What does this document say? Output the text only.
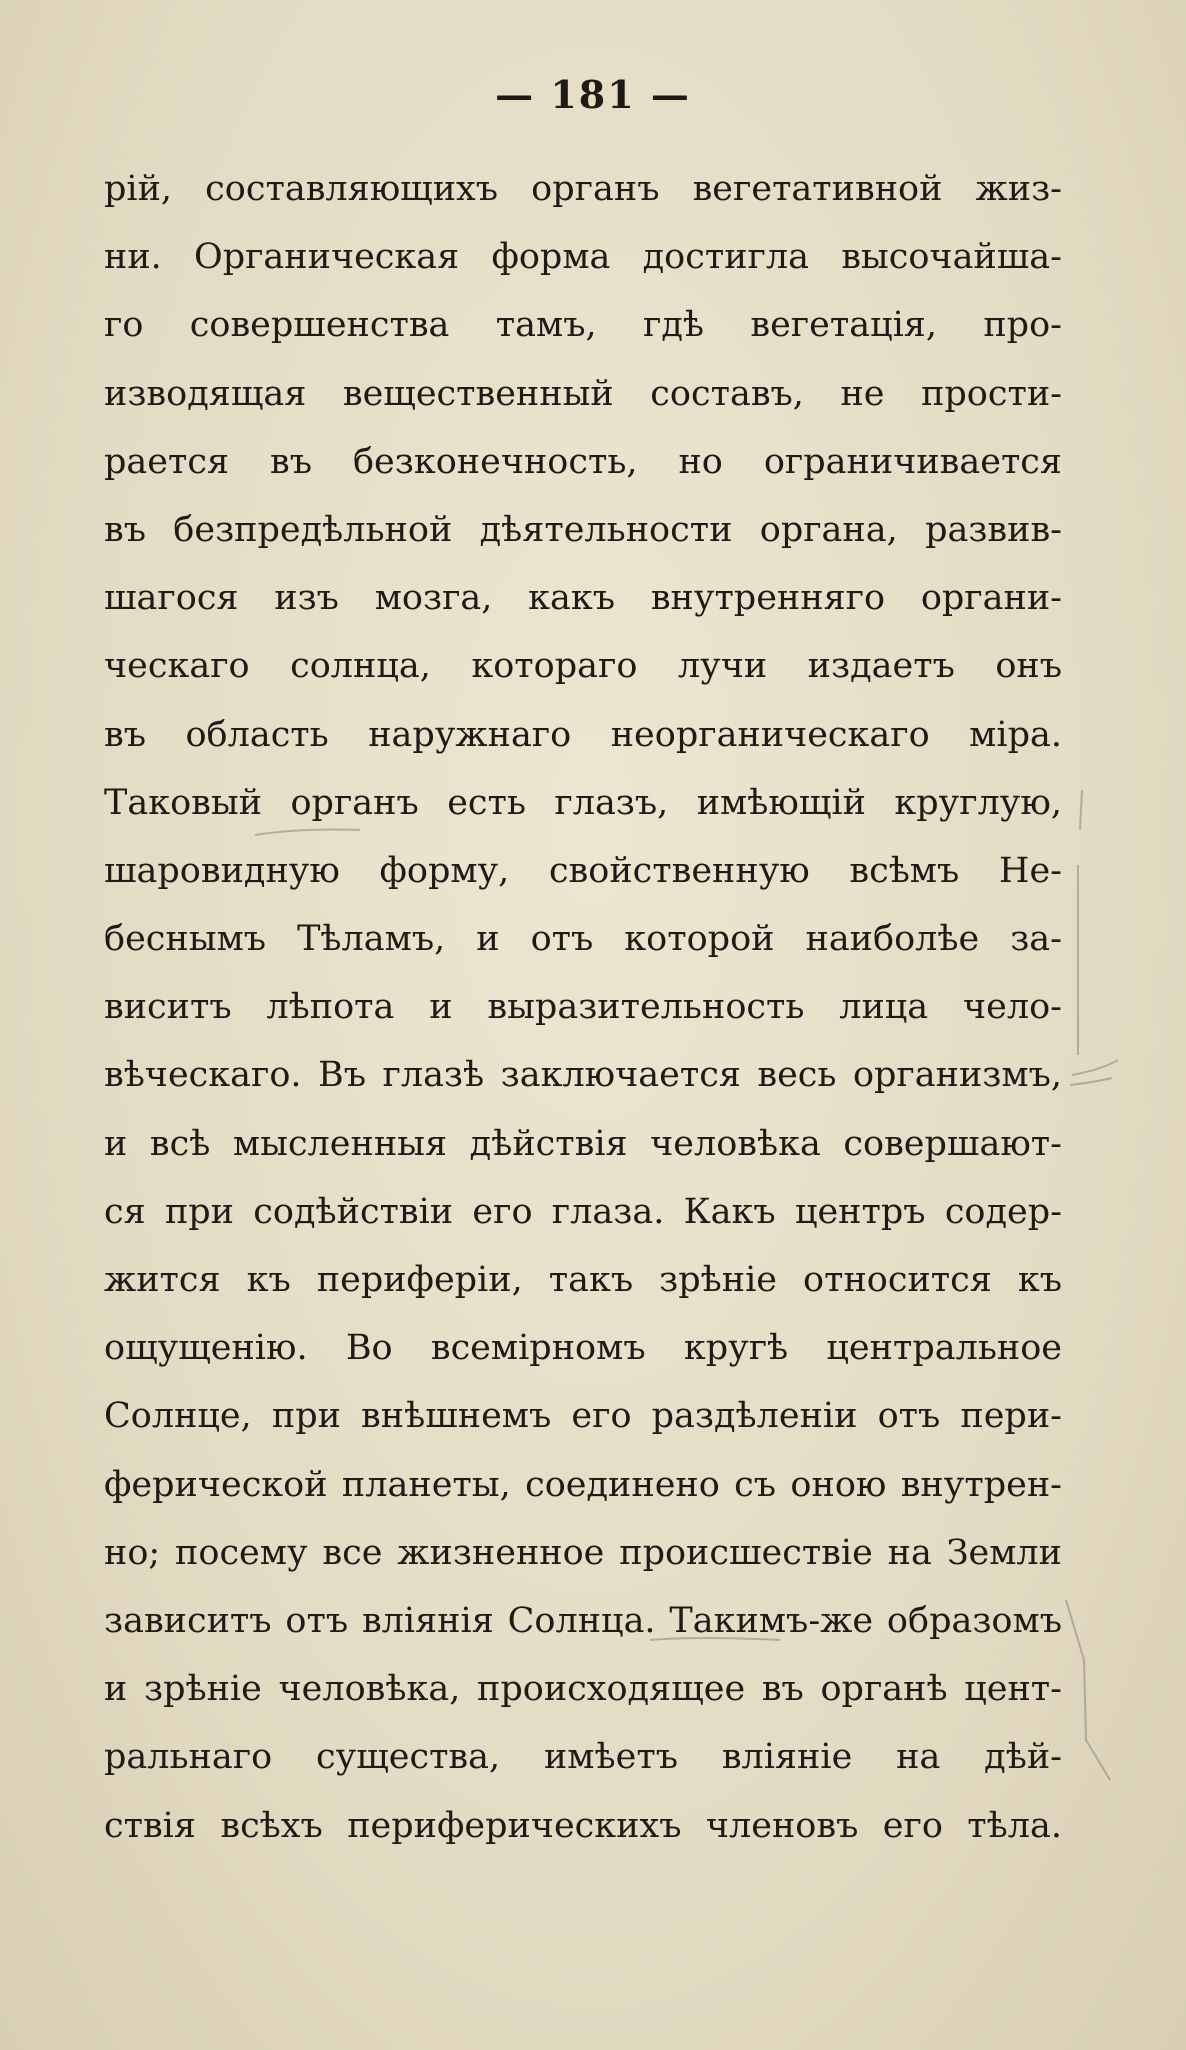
— 181 —
рій, составляющихъ органъ вегетативной жиз-
ни. Органическая форма достигла высочайша-
го совершенства тамъ, гдѣ вегетація, про-
изводящая вещественный составъ, не прости-
рается въ безконечность, но ограничивается
въ безпредѣльной дѣятельности органа, развив-
шагося изъ мозга, какъ внутренняго органи-
ческаго солнца, котораго лучи издаетъ онъ
въ область наружнаго неорганическаго міра.
Таковый органъ есть глазъ, имѣющій круглую,
шаровидную форму, свойственную всѣмъ Не-
беснымъ Тѣламъ, и отъ которой наиболѣе за-
виситъ лѣпота и выразительность лица чело-
вѣческаго. Въ глазѣ заключается весь организмъ,
и всѣ мысленныя дѣйствія человѣка совершают-
ся при содѣйствіи его глаза. Какъ центръ содер-
жится къ периферіи, такъ зрѣніе относится къ
ощущенію. Во всемірномъ кругѣ центральное
Солнце, при внѣшнемъ его раздѣленіи отъ пери-
ферической планеты, соединено съ оною внутрен-
но; посему все жизненное происшествіе на Земли
зависитъ отъ вліянія Солнца. Такимъ-же образомъ
и зрѣніе человѣка, происходящее въ органѣ цент-
ральнаго существа, имѣетъ вліяніе на дѣй-
ствія всѣхъ периферическихъ членовъ его тѣла.
